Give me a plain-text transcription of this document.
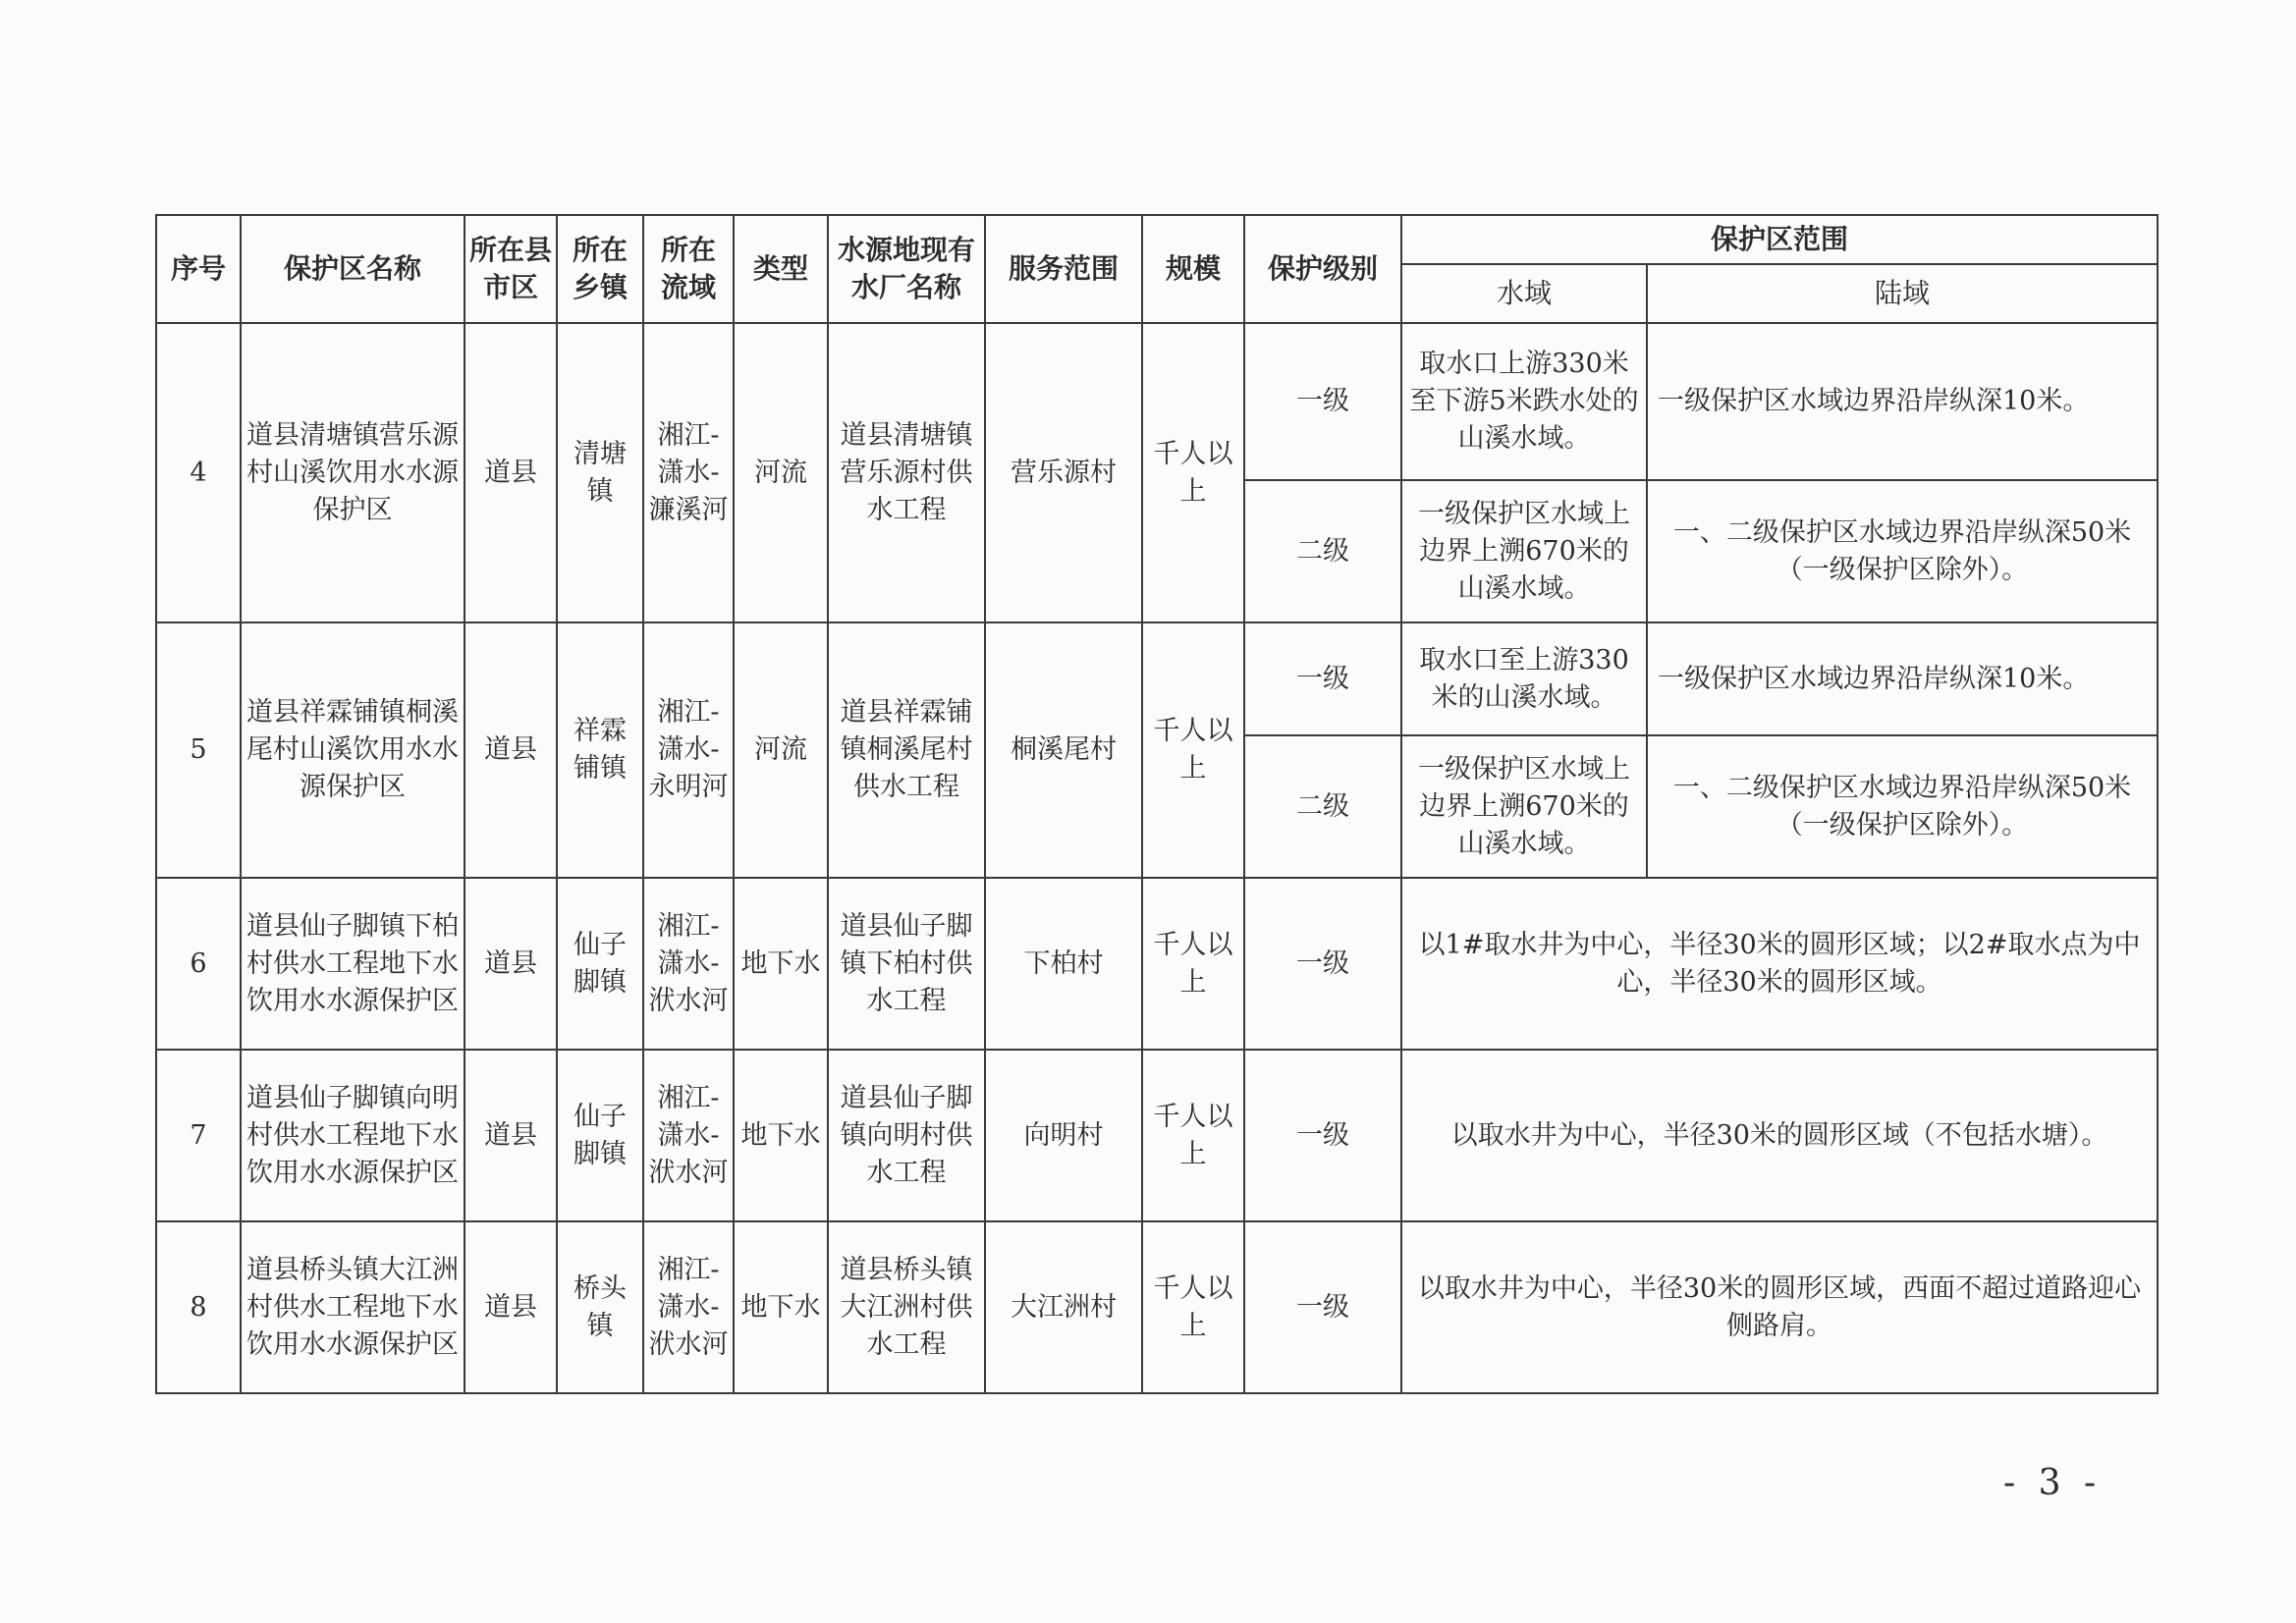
序号	保护区名称	所在县市区	所在乡镇	所在流域	类型	水源地现有水厂名称	服务范围	规模	保护级别	保护区范围	
										水域	陆域
4	道县清塘镇营乐源村山溪饮用水水源保护区	道县	清塘镇	湘江-潇水-濂溪河	河流	道县清塘镇营乐源村供水工程	营乐源村	千人以上	一级	取水口上游330米至下游5米跌水处的山溪水域。	一级保护区水域边界沿岸纵深10米。
									二级	一级保护区水域上边界上溯670米的山溪水域。	一、二级保护区水域边界沿岸纵深50米（一级保护区除外）。
5	道县祥霖铺镇桐溪尾村山溪饮用水水源保护区	道县	祥霖铺镇	湘江-潇水-永明河	河流	道县祥霖铺镇桐溪尾村供水工程	桐溪尾村	千人以上	一级	取水口至上游330米的山溪水域。	一级保护区水域边界沿岸纵深10米。
									二级	一级保护区水域上边界上溯670米的山溪水域。	一、二级保护区水域边界沿岸纵深50米（一级保护区除外）。
6	道县仙子脚镇下柏村供水工程地下水饮用水水源保护区	道县	仙子脚镇	湘江-潇水-洑水河	地下水	道县仙子脚镇下柏村供水工程	下柏村	千人以上	一级	以1#取水井为中心，半径30米的圆形区域；以2#取水点为中心，半径30米的圆形区域。	
7	道县仙子脚镇向明村供水工程地下水饮用水水源保护区	道县	仙子脚镇	湘江-潇水-洑水河	地下水	道县仙子脚镇向明村供水工程	向明村	千人以上	一级	以取水井为中心，半径30米的圆形区域（不包括水塘）。	
8	道县桥头镇大江洲村供水工程地下水饮用水水源保护区	道县	桥头镇	湘江-潇水-洑水河	地下水	道县桥头镇大江洲村供水工程	大江洲村	千人以上	一级	以取水井为中心，半径30米的圆形区域，西面不超过道路迎心侧路肩。	
- 3 -
